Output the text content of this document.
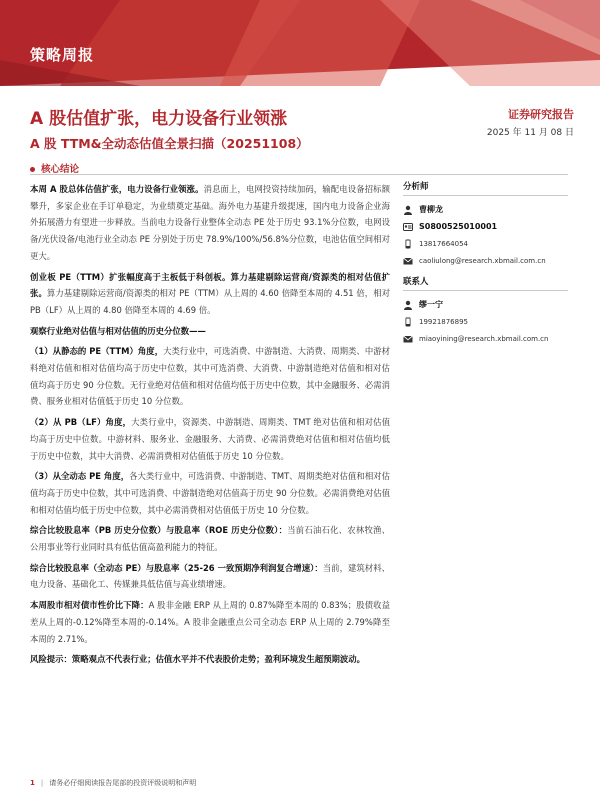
策略周报
A 股估值扩张，电力设备行业领涨
A 股 TTM&全动态估值全景扫描（20251108）
证券研究报告
2025 年 11 月 08 日
核心结论

本周 A 股总体估值扩张，电力设备行业领涨。消息面上，电网投资持续加码，输配电设备招标额攀升，多家企业在手订单稳定，为业绩奠定基础。海外电力基建升级提速，国内电力设备企业海外拓展潜力有望进一步释放。当前电力设备行业整体全动态 PE 处于历史 93.1%分位数，电网设备/光伏设备/电池行业全动态 PE 分别处于历史 78.9%/100%/56.8%分位数，电池估值空间相对更大。

创业板 PE（TTM）扩张幅度高于主板低于科创板。算力基建剔除运营商/资源类的相对估值扩张。算力基建剔除运营商/资源类的相对 PE（TTM）从上周的 4.60 倍降至本周的 4.51 倍，相对 PB（LF）从上周的 4.80 倍降至本周的 4.69 倍。

观察行业绝对估值与相对估值的历史分位数——

（1）从静态的 PE（TTM）角度，大类行业中，可选消费、中游制造、大消费、周期类、中游材料绝对估值和相对估值均高于历史中位数，其中可选消费、大消费、中游制造绝对估值和相对估值均高于历史 90 分位数。无行业绝对估值和相对估值均低于历史中位数，其中金融服务、必需消费、服务业相对估值低于历史 10 分位数。

（2）从 PB（LF）角度，大类行业中，资源类、中游制造、周期类、TMT 绝对估值和相对估值均高于历史中位数。中游材料、服务业、金融服务、大消费、必需消费绝对估值和相对估值均低于历史中位数，其中大消费、必需消费相对估值低于历史 10 分位数。

（3）从全动态 PE 角度，各大类行业中，可选消费、中游制造、TMT、周期类绝对估值和相对估值均高于历史中位数，其中可选消费、中游制造绝对估值高于历史 90 分位数。必需消费绝对估值和相对估值均低于历史中位数，其中必需消费相对估值低于历史 10 分位数。

综合比较股息率（PB 历史分位数）与股息率（ROE 历史分位数）：当前石油石化、农林牧渔、公用事业等行业同时具有低估值高盈利能力的特征。

综合比较股息率（全动态 PE）与股息率（25-26 一致预期净利润复合增速）：当前，建筑材料、电力设备、基础化工、传媒兼具低估值与高业绩增速。

本周股市相对债市性价比下降：A 股非金融 ERP 从上周的 0.87%降至本周的 0.83%；股债收益差从上周的-0.12%降至本周的-0.14%。A 股非金融重点公司全动态 ERP 从上周的 2.79%降至本周的 2.71%。

风险提示：策略观点不代表行业；估值水平并不代表股价走势；盈利环境发生超预期波动。

分析师
曹柳龙
S0800525010001
13817664054
caoliulong@research.xbmail.com.cn
联系人
缪一宁
19921876895
miaoyining@research.xbmail.com.cn
1 | 请务必仔细阅读报告尾部的投资评级说明和声明
